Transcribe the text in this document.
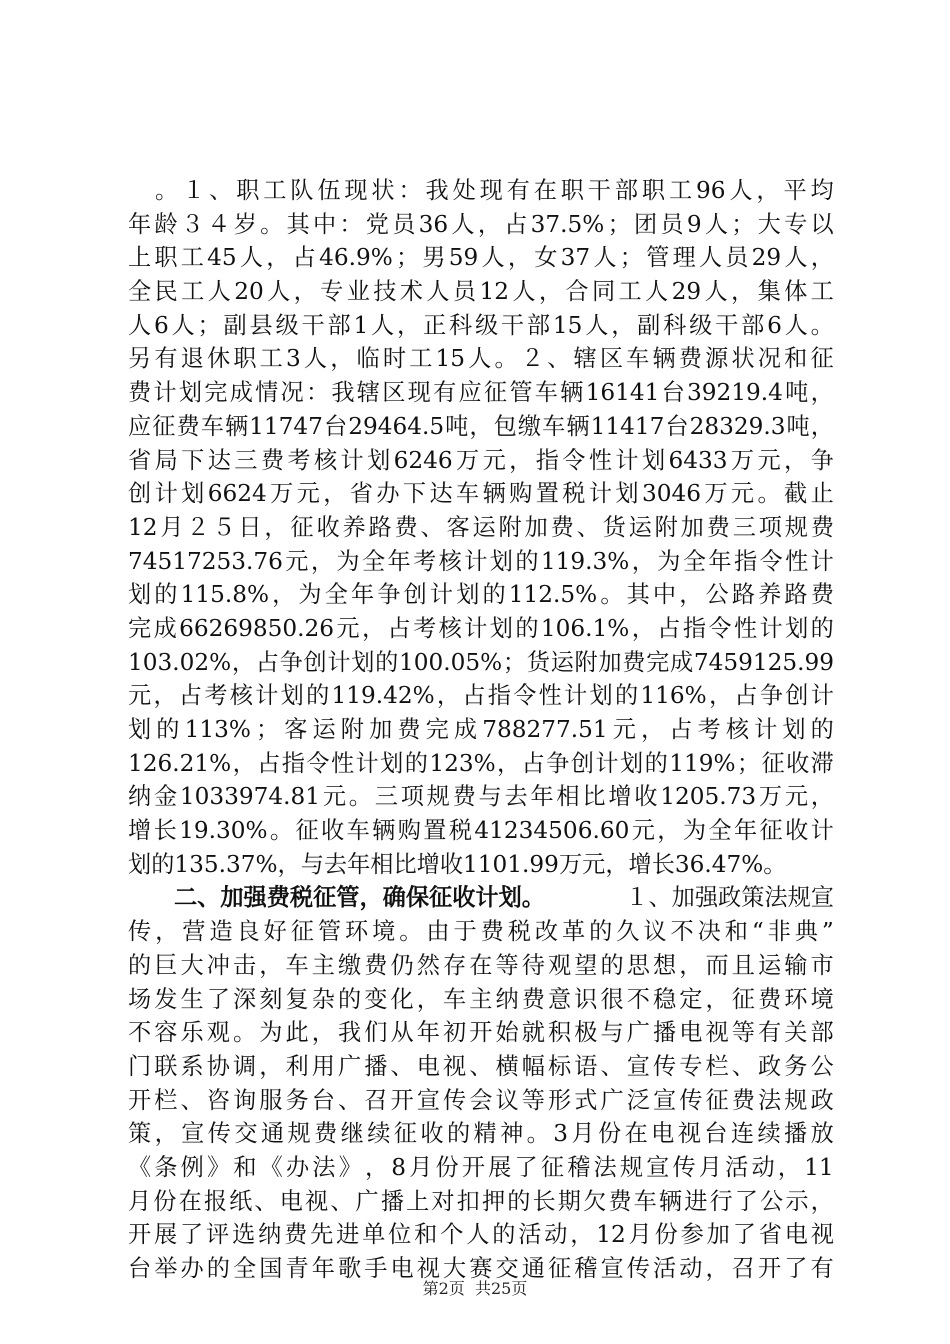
。 １ 、 职 工 队 伍 现 状 ： 我 处 现 有 在 职 干 部 职 工 96 人 ， 平 均
年 龄 ３ ４ 岁 。 其 中 ： 党 员 36 人 ， 占 37.5% ； 团 员 9 人 ； 大 专 以
上 职 工 45 人 ， 占 46.9% ； 男 59 人 ， 女 37 人 ； 管 理 人 员 29 人 ，
全 民 工 人 20 人 ， 专 业 技 术 人 员 12 人 ， 合 同 工 人 29 人 ， 集 体 工
人 6 人 ； 副 县 级 干 部 1 人 ， 正 科 级 干 部 15 人 ， 副 科 级 干 部 6 人 。
另 有 退 休 职 工 3 人 ， 临 时 工 15 人 。 ２ 、 辖 区 车 辆 费 源 状 况 和 征
费 计 划 完 成 情 况 ： 我 辖 区 现 有 应 征 管 车 辆 16141 台 39219.4 吨 ，
应 征 费 车 辆 11747 台 29464.5 吨 ， 包 缴 车 辆 11417 台 28329.3 吨 ，
省 局 下 达 三 费 考 核 计 划 6246 万 元 ， 指 令 性 计 划 6433 万 元 ， 争
创 计 划 6624 万 元 ， 省 办 下 达 车 辆 购 置 税 计 划 3046 万 元 。 截 止
12 月 ２ ５ 日 ， 征 收 养 路 费 、 客 运 附 加 费 、 货 运 附 加 费 三 项 规 费
74517253.76 元 ， 为 全 年 考 核 计 划 的 119.3% ， 为 全 年 指 令 性 计
划 的 115.8% ， 为 全 年 争 创 计 划 的 112.5% 。 其 中 ， 公 路 养 路 费
完 成 66269850.26 元 ， 占 考 核 计 划 的 106.1% ， 占 指 令 性 计 划 的
103.02% ， 占 争 创 计 划 的 100.05% ； 货 运 附 加 费 完 成 7459125.99
元 ， 占 考 核 计 划 的 119.42% ， 占 指 令 性 计 划 的 116% ， 占 争 创 计
划 的 113% ； 客 运 附 加 费 完 成 788277.51 元 ， 占 考 核 计 划 的
126.21% ， 占 指 令 性 计 划 的 123% ， 占 争 创 计 划 的 119% ； 征 收 滞
纳 金 1033974.81 元 。 三 项 规 费 与 去 年 相 比 增 收 1205.73 万 元 ，
增 长 19.30% 。 征 收 车 辆 购 置 税 41234506.60 元 ， 为 全 年 征 收 计
划 的 135.37% ， 与 去 年 相 比 增 收 1101.99 万 元 ， 增 长 36.47% 。
二、加强费税征管，确保征收计划。	１、加强政策法规宣
传 ， 营 造 良 好 征 管 环 境 。 由 于 费 税 改 革 的 久 议 不 决 和 “ 非 典 ”
的 巨 大 冲 击 ， 车 主 缴 费 仍 然 存 在 等 待 观 望 的 思 想 ， 而 且 运 输 市
场 发 生 了 深 刻 复 杂 的 变 化 ， 车 主 纳 费 意 识 很 不 稳 定 ， 征 费 环 境
不 容 乐 观 。 为 此 ， 我 们 从 年 初 开 始 就 积 极 与 广 播 电 视 等 有 关 部
门 联 系 协 调 ， 利 用 广 播 、 电 视 、 横 幅 标 语 、 宣 传 专 栏 、 政 务 公
开 栏 、 咨 询 服 务 台 、 召 开 宣 传 会 议 等 形 式 广 泛 宣 传 征 费 法 规 政
策 ， 宣 传 交 通 规 费 继 续 征 收 的 精 神 。 3 月 份 在 电 视 台 连 续 播 放
《 条 例 》 和 《 办 法 》 ， 8 月 份 开 展 了 征 稽 法 规 宣 传 月 活 动 ， 11
月 份 在 报 纸 、 电 视 、 广 播 上 对 扣 押 的 长 期 欠 费 车 辆 进 行 了 公 示 ，
开 展 了 评 选 纳 费 先 进 单 位 和 个 人 的 活 动 ， 12 月 份 参 加 了 省 电 视
台 举 办 的 全 国 青 年 歌 手 电 视 大 赛 交 通 征 稽 宣 传 活 动 ， 召 开 了 有
第2页  共25页
